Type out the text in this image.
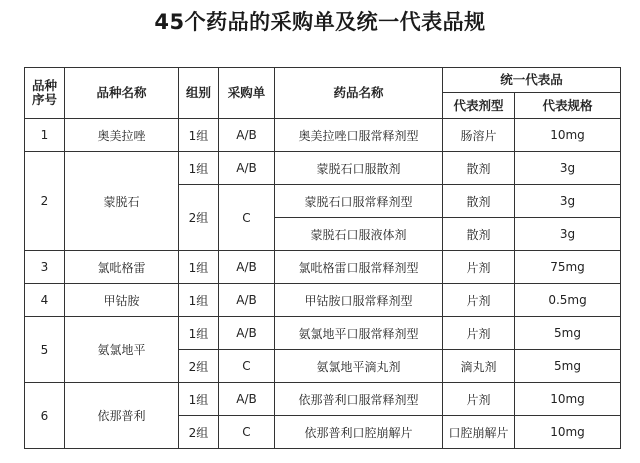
45个药品的采购单及统一代表品规
品种
序号	品种名称	组别	采购单	药品名称	统一代表品	
					代表剂型	代表规格
1	奥美拉唑	1组	A/B	奥美拉唑口服常释剂型	肠溶片	10mg
2	蒙脱石	1组	A/B	蒙脱石口服散剂	散剂	3g
		2组	C	蒙脱石口服常释剂型	散剂	3g
				蒙脱石口服液体剂	散剂	3g
3	氯吡格雷	1组	A/B	氯吡格雷口服常释剂型	片剂	75mg
4	甲钴胺	1组	A/B	甲钴胺口服常释剂型	片剂	0.5mg
5	氨氯地平	1组	A/B	氨氯地平口服常释剂型	片剂	5mg
		2组	C	氨氯地平滴丸剂	滴丸剂	5mg
6	依那普利	1组	A/B	依那普利口服常释剂型	片剂	10mg
		2组	C	依那普利口腔崩解片	口腔崩解片	10mg
